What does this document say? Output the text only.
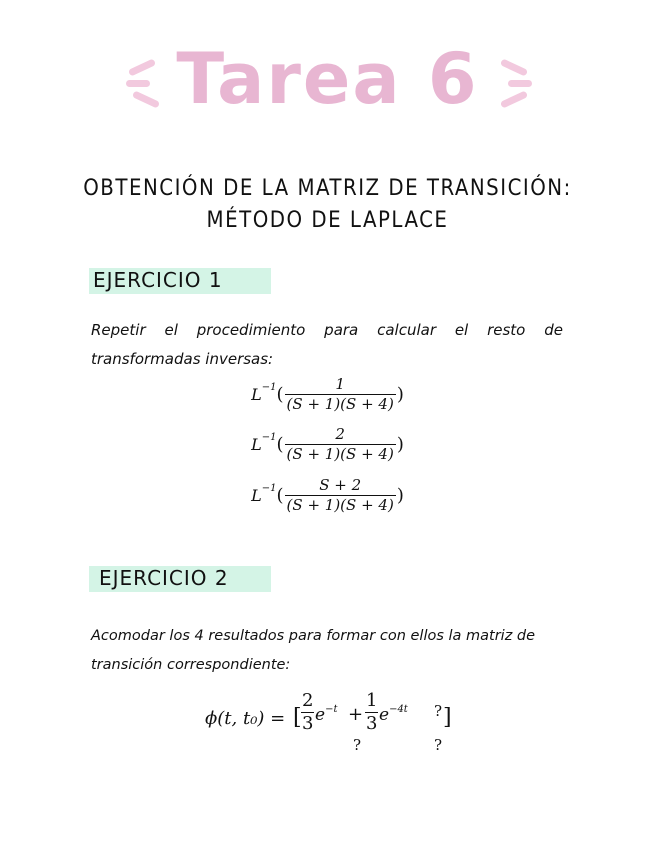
Tarea 6
OBTENCIÓN DE LA MATRIZ DE TRANSICIÓN:
MÉTODO DE LAPLACE
EJERCICIO 1
Repetir el procedimiento para calcular el resto de
transformadas inversas:
$L^{-1}( \frac{1}{(S + 1)(S + 4)}$ )
$L^{-1}( \frac{2}{(S + 1)(S + 4)}$ )
$L^{-1}( \frac{S + 2}{(S + 1)(S + 4)}$ )
EJERCICIO 2
Acomodar los 4 resultados para formar con ellos la matriz de
transición correspondiente:
ϕ(t, t₀) = [ $\frac{2}{3} e^{-t} + \frac{1}{3} e^{-4t}$ ? ]
?	?
